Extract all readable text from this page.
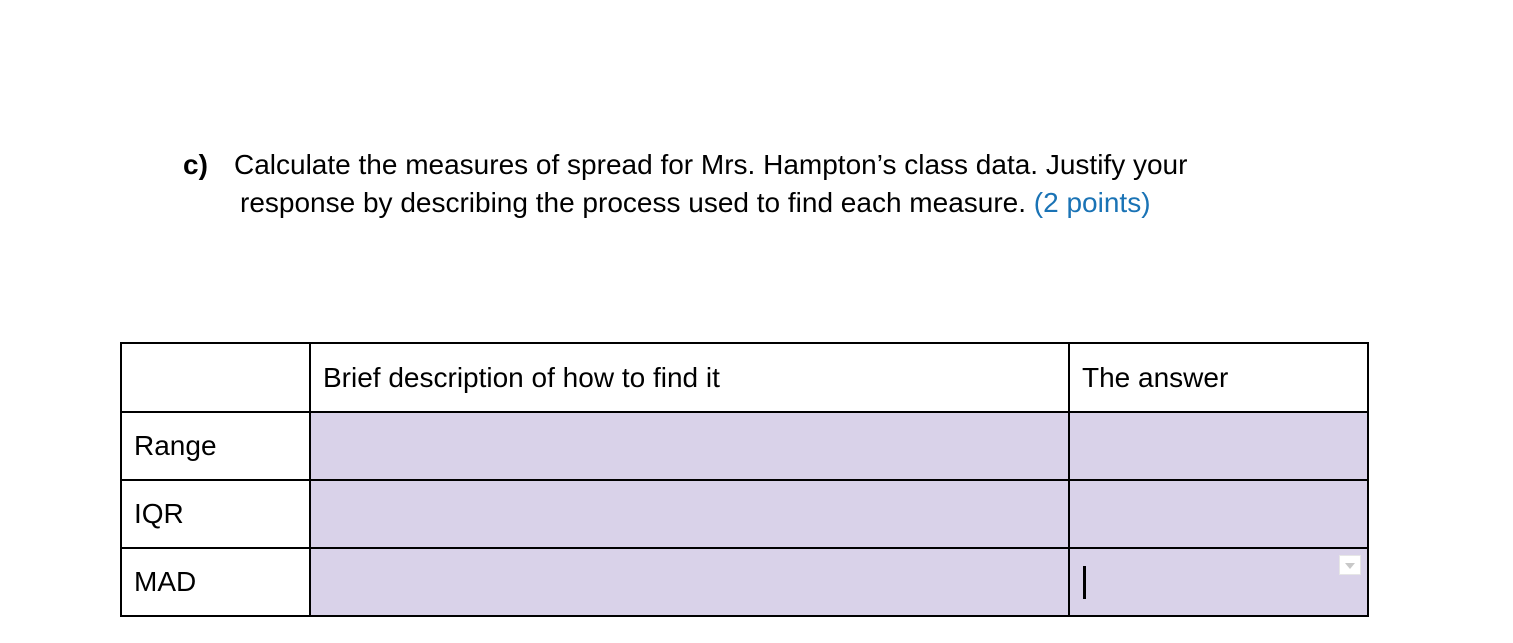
c) Calculate the measures of spread for Mrs. Hampton’s class data. Justify your
response by describing the process used to find each measure. (2 points)
	Brief description of how to find it	The answer
Range		
IQR		
MAD		
